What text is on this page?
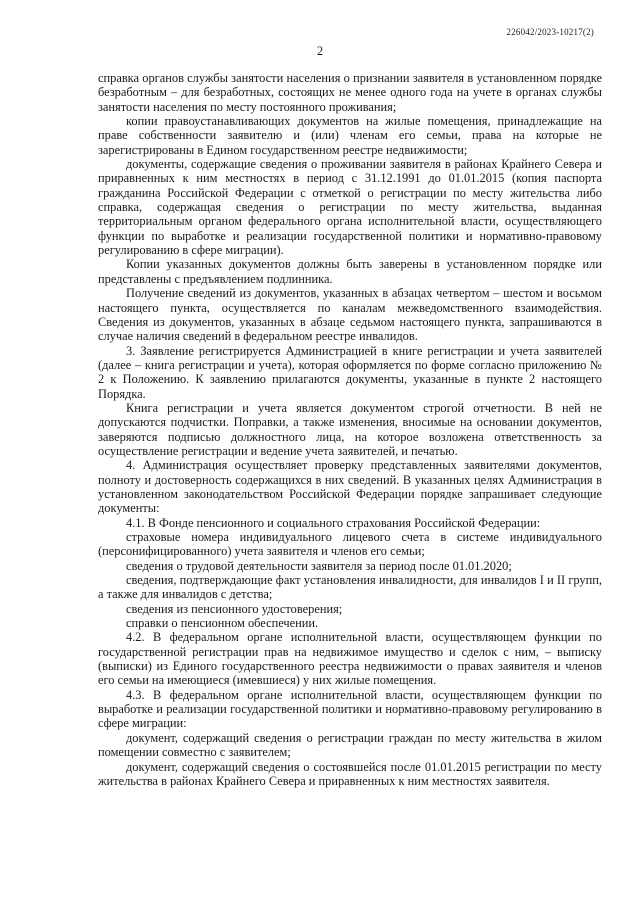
226042/2023-10217(2)
2

справка органов службы занятости населения о признании заявителя в установленном порядке безработным – для безработных, состоящих не менее одного года на учете в органах службы занятости населения по месту постоянного проживания;

копии правоустанавливающих документов на жилые помещения, принадлежащие на праве собственности заявителю и (или) членам его семьи, права на которые не зарегистрированы в Едином государственном реестре недвижимости;

документы, содержащие сведения о проживании заявителя в районах Крайнего Севера и приравненных к ним местностях в период с 31.12.1991 до 01.01.2015 (копия паспорта гражданина Российской Федерации с отметкой о регистрации по месту жительства либо справка, содержащая сведения о регистрации по месту жительства, выданная территориальным органом федерального органа исполнительной власти, осуществляющего функции по выработке и реализации государственной политики и нормативно-правовому регулированию в сфере миграции).

Копии указанных документов должны быть заверены в установленном порядке или представлены с предъявлением подлинника.

Получение сведений из документов, указанных в абзацах четвертом – шестом и восьмом настоящего пункта, осуществляется по каналам межведомственного взаимодействия. Сведения из документов, указанных в абзаце седьмом настоящего пункта, запрашиваются в случае наличия сведений в федеральном реестре инвалидов.

3. Заявление регистрируется Администрацией в книге регистрации и учета заявителей (далее – книга регистрации и учета), которая оформляется по форме согласно приложению № 2 к Положению. К заявлению прилагаются документы, указанные в пункте 2 настоящего Порядка.

Книга регистрации и учета является документом строгой отчетности. В ней не допускаются подчистки. Поправки, а также изменения, вносимые на основании документов, заверяются подписью должностного лица, на которое возложена ответственность за осуществление регистрации и ведение учета заявителей, и печатью.

4. Администрация осуществляет проверку представленных заявителями документов, полноту и достоверность содержащихся в них сведений. В указанных целях Администрация в установленном законодательством Российской Федерации порядке запрашивает следующие документы:

4.1. В Фонде пенсионного и социального страхования Российской Федерации:

страховые номера индивидуального лицевого счета в системе индивидуального (персонифицированного) учета заявителя и членов его семьи;

сведения о трудовой деятельности заявителя за период после 01.01.2020;

сведения, подтверждающие факт установления инвалидности, для инвалидов I и II групп, а также для инвалидов с детства;

сведения из пенсионного удостоверения;

справки о пенсионном обеспечении.

4.2. В федеральном органе исполнительной власти, осуществляющем функции по государственной регистрации прав на недвижимое имущество и сделок с ним, – выписку (выписки) из Единого государственного реестра недвижимости о правах заявителя и членов его семьи на имеющиеся (имевшиеся) у них жилые помещения.

4.3. В федеральном органе исполнительной власти, осуществляющем функции по выработке и реализации государственной политики и нормативно-правовому регулированию в сфере миграции:

документ, содержащий сведения о регистрации граждан по месту жительства в жилом помещении совместно с заявителем;

документ, содержащий сведения о состоявшейся после 01.01.2015 регистрации по месту жительства в районах Крайнего Севера и приравненных к ним местностях заявителя.
